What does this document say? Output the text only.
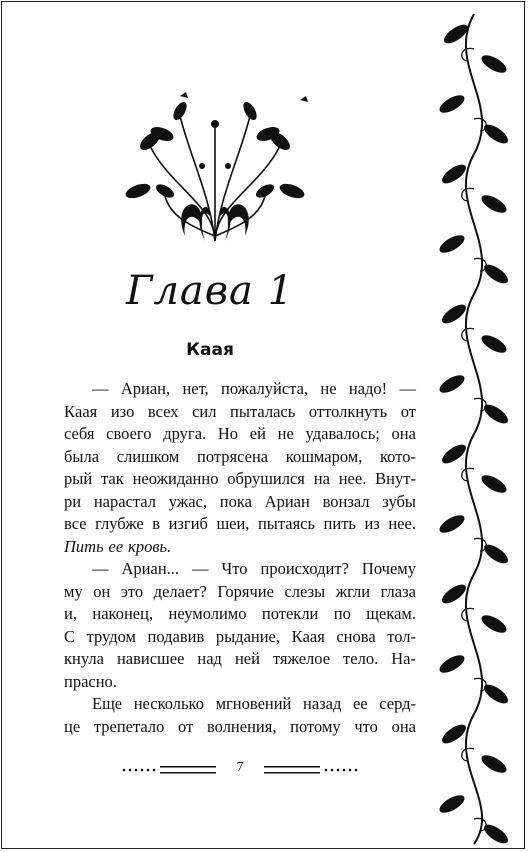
Глава 1
Кaaя
— Ариан, нет, пожалуйста, не надо! —
Кaaя изо всех сил пыталась оттолкнуть от
себя своего друга. Но ей не удавалось; она
была слишком потрясена кошмаром, кото-
рый так неожиданно обрушился на нее. Внут-
ри нарастал ужас, пока Ариан вонзал зубы
все глубже в изгиб шеи, пытаясь пить из нее.
Пить ее кровь.
— Ариан... — Что происходит? Почему
му он это делает? Горячие слезы жгли глаза
и, наконец, неумолимо потекли по щекам.
С трудом подавив рыдание, Кaaя снова тол-
кнула нависшее над ней тяжелое тело. На-
прасно.
Еще несколько мгновений назад ее серд-
це трепетало от волнения, потому что она
7
